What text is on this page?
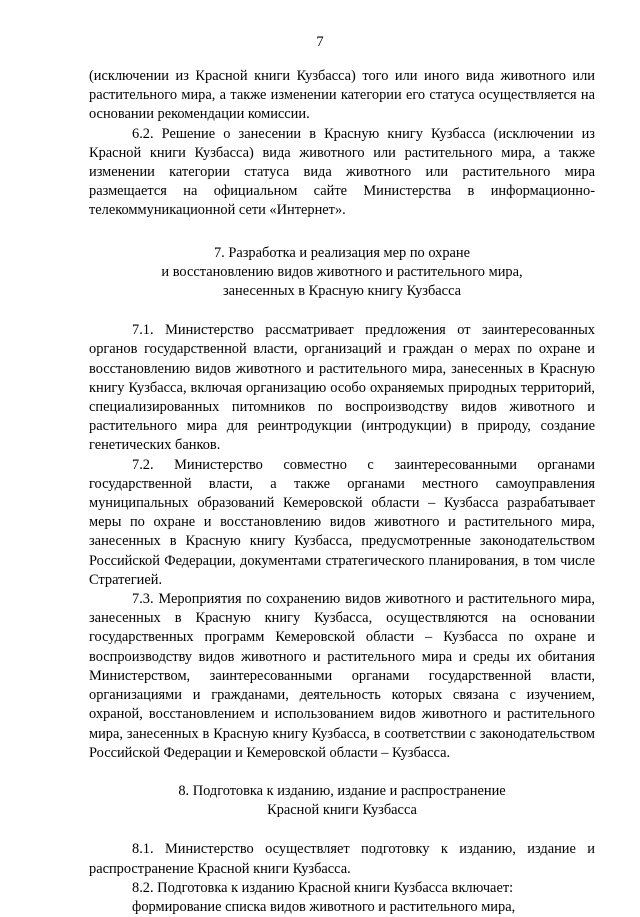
7

(исключении из Красной книги Кузбасса) того или иного вида животного или растительного мира, а также изменении категории его статуса осуществляется на основании рекомендации комиссии.

6.2. Решение о занесении в Красную книгу Кузбасса (исключении из Красной книги Кузбасса) вида животного или растительного мира, а также изменении категории статуса вида животного или растительного мира размещается на официальном сайте Министерства в информационно-телекоммуникационной сети «Интернет».

7. Разработка и реализация мер по охране
и восстановлению видов животного и растительного мира,
занесенных в Красную книгу Кузбасса

7.1. Министерство рассматривает предложения от заинтересованных органов государственной власти, организаций и граждан о мерах по охране и восстановлению видов животного и растительного мира, занесенных в Красную книгу Кузбасса, включая организацию особо охраняемых природных территорий, специализированных питомников по воспроизводству видов животного и растительного мира для реинтродукции (интродукции) в природу, создание генетических банков.

7.2. Министерство совместно с заинтересованными органами государственной власти, а также органами местного самоуправления муниципальных образований Кемеровской области – Кузбасса разрабатывает меры по охране и восстановлению видов животного и растительного мира, занесенных в Красную книгу Кузбасса, предусмотренные законодательством Российской Федерации, документами стратегического планирования, в том числе Стратегией.

7.3. Мероприятия по сохранению видов животного и растительного мира, занесенных в Красную книгу Кузбасса, осуществляются на основании государственных программ Кемеровской области – Кузбасса по охране и воспроизводству видов животного и растительного мира и среды их обитания Министерством, заинтересованными органами государственной власти, организациями и гражданами, деятельность которых связана с изучением, охраной, восстановлением и использованием видов животного и растительного мира, занесенных в Красную книгу Кузбасса, в соответствии с законодательством Российской Федерации и Кемеровской области – Кузбасса.

8. Подготовка к изданию, издание и распространение
Красной книги Кузбасса

8.1. Министерство осуществляет подготовку к изданию, издание и распространение Красной книги Кузбасса.

8.2. Подготовка к изданию Красной книги Кузбасса включает:

формирование списка видов животного и растительного мира,
